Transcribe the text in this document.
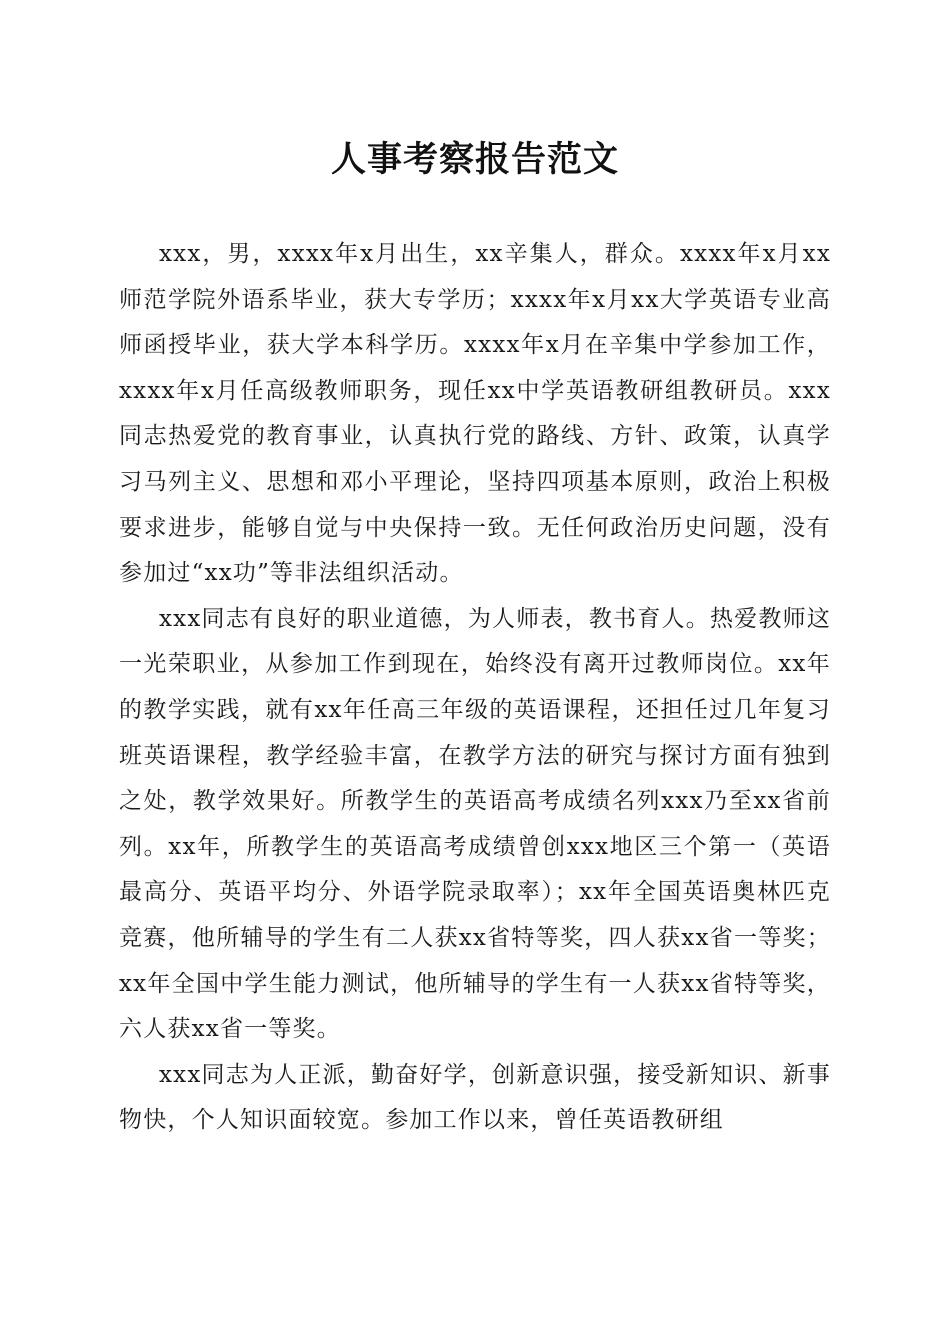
人事考察报告范文

xxx，男，xxxx年x月出生，xx辛集人，群众。xxxx年x月xx师范学院外语系毕业，获大专学历；xxxx年x月xx大学英语专业高师函授毕业，获大学本科学历。xxxx年x月在辛集中学参加工作，xxxx年x月任高级教师职务，现任xx中学英语教研组教研员。xxx同志热爱党的教育事业，认真执行党的路线、方针、政策，认真学习马列主义、思想和邓小平理论，坚持四项基本原则，政治上积极要求进步，能够自觉与中央保持一致。无任何政治历史问题，没有参加过“xx功”等非法组织活动。

xxx同志有良好的职业道德，为人师表，教书育人。热爱教师这一光荣职业，从参加工作到现在，始终没有离开过教师岗位。xx年的教学实践，就有xx年任高三年级的英语课程，还担任过几年复习班英语课程，教学经验丰富，在教学方法的研究与探讨方面有独到之处，教学效果好。所教学生的英语高考成绩名列xxx乃至xx省前列。xx年，所教学生的英语高考成绩曾创xxx地区三个第一（英语最高分、英语平均分、外语学院录取率）；xx年全国英语奥林匹克竞赛，他所辅导的学生有二人获xx省特等奖，四人获xx省一等奖；xx年全国中学生能力测试，他所辅导的学生有一人获xx省特等奖，六人获xx省一等奖。

xxx同志为人正派，勤奋好学，创新意识强，接受新知识、新事物快，个人知识面较宽。参加工作以来，曾任英语教研组
